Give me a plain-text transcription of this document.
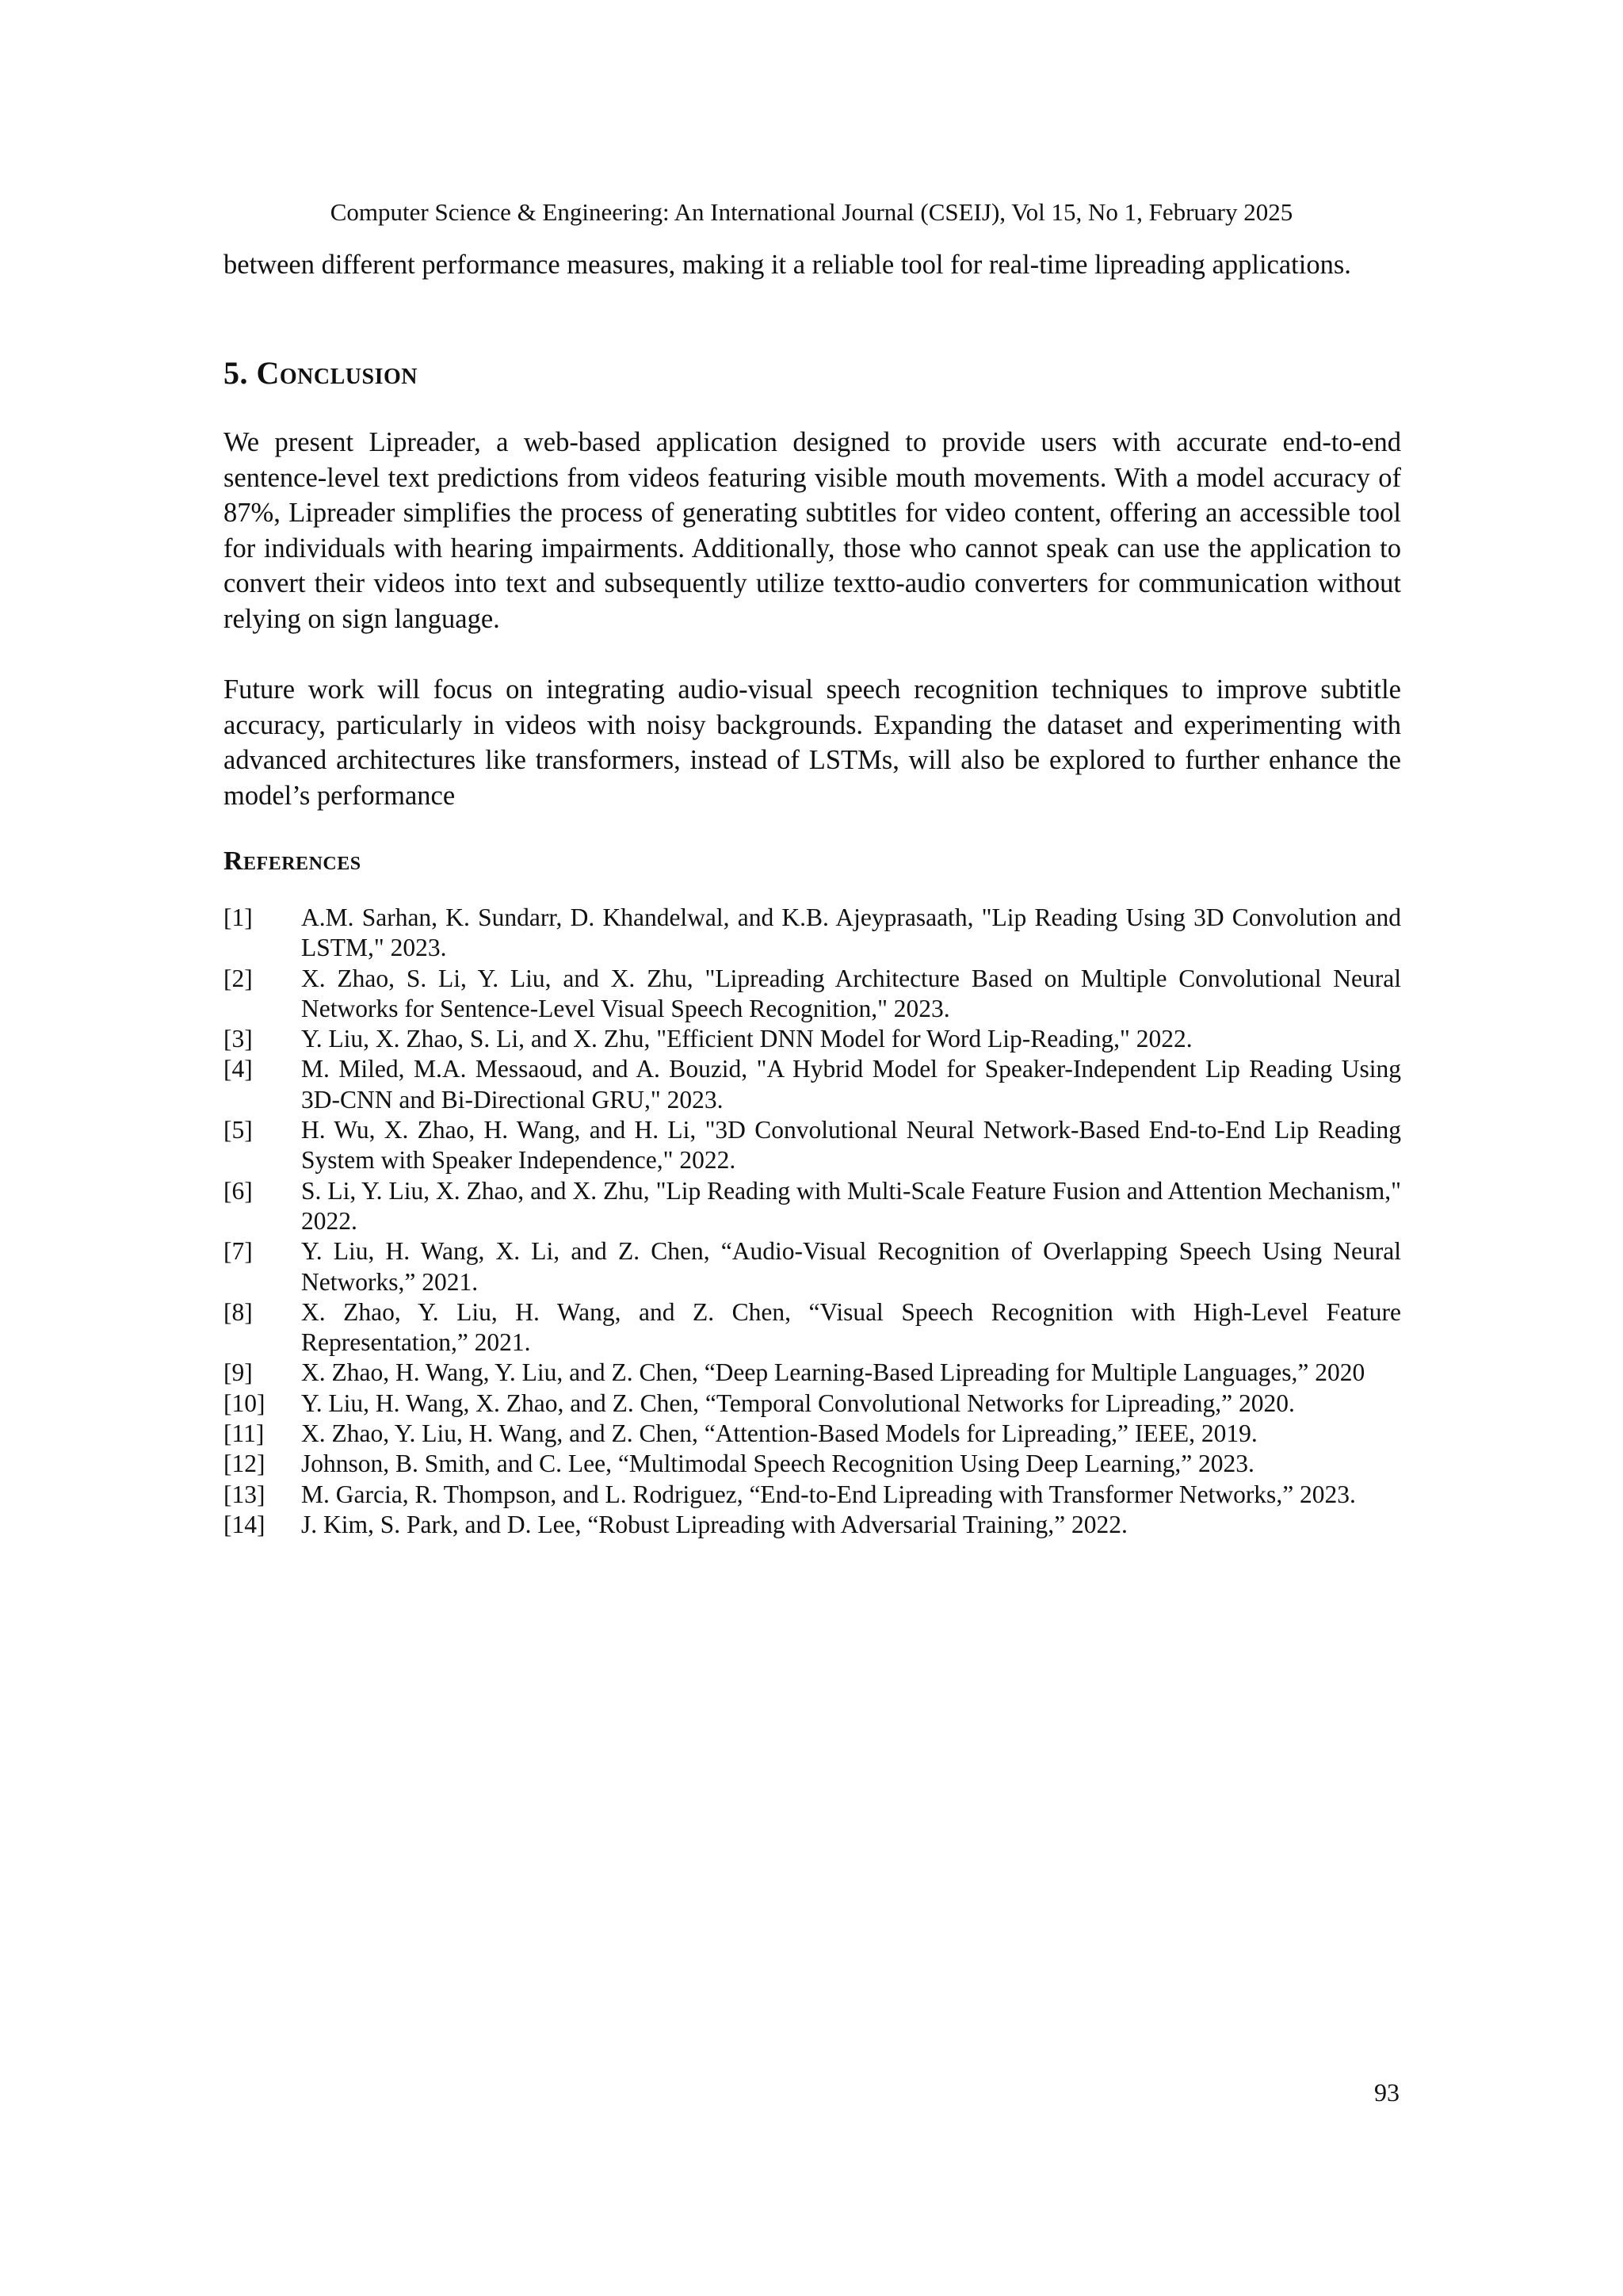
Computer Science & Engineering: An International Journal (CSEIJ), Vol 15, No 1, February 2025

between different performance measures, making it a reliable tool for real-time lipreading applications.

5. Conclusion

We present Lipreader, a web-based application designed to provide users with accurate end-to-end sentence-level text predictions from videos featuring visible mouth movements. With a model accuracy of 87%, Lipreader simplifies the process of generating subtitles for video content, offering an accessible tool for individuals with hearing impairments. Additionally, those who cannot speak can use the application to convert their videos into text and subsequently utilize textto-audio converters for communication without relying on sign language.

Future work will focus on integrating audio-visual speech recognition techniques to improve subtitle accuracy, particularly in videos with noisy backgrounds. Expanding the dataset and experimenting with advanced architectures like transformers, instead of LSTMs, will also be explored to further enhance the model’s performance

References
[1]	A.M. Sarhan, K. Sundarr, D. Khandelwal, and K.B. Ajeyprasaath, "Lip Reading Using 3D Convolution and LSTM," 2023.
[2]	X. Zhao, S. Li, Y. Liu, and X. Zhu, "Lipreading Architecture Based on Multiple Convolutional Neural Networks for Sentence-Level Visual Speech Recognition," 2023.
[3]	Y. Liu, X. Zhao, S. Li, and X. Zhu, "Efficient DNN Model for Word Lip-Reading," 2022.
[4]	M. Miled, M.A. Messaoud, and A. Bouzid, "A Hybrid Model for Speaker-Independent Lip Reading Using 3D-CNN and Bi-Directional GRU," 2023.
[5]	H. Wu, X. Zhao, H. Wang, and H. Li, "3D Convolutional Neural Network-Based End-to-End Lip Reading System with Speaker Independence," 2022.
[6]	S. Li, Y. Liu, X. Zhao, and X. Zhu, "Lip Reading with Multi-Scale Feature Fusion and Attention Mechanism," 2022.
[7]	Y. Liu, H. Wang, X. Li, and Z. Chen, “Audio-Visual Recognition of Overlapping Speech Using Neural Networks,” 2021.
[8]	X. Zhao, Y. Liu, H. Wang, and Z. Chen, “Visual Speech Recognition with High-Level Feature Representation,” 2021.
[9]	X. Zhao, H. Wang, Y. Liu, and Z. Chen, “Deep Learning-Based Lipreading for Multiple Languages,” 2020
[10]	Y. Liu, H. Wang, X. Zhao, and Z. Chen, “Temporal Convolutional Networks for Lipreading,” 2020.
[11]	X. Zhao, Y. Liu, H. Wang, and Z. Chen, “Attention-Based Models for Lipreading,” IEEE, 2019.
[12]	Johnson, B. Smith, and C. Lee, “Multimodal Speech Recognition Using Deep Learning,” 2023.
[13]	M. Garcia, R. Thompson, and L. Rodriguez, “End-to-End Lipreading with Transformer Networks,” 2023.
[14]	J. Kim, S. Park, and D. Lee, “Robust Lipreading with Adversarial Training,” 2022.
93
